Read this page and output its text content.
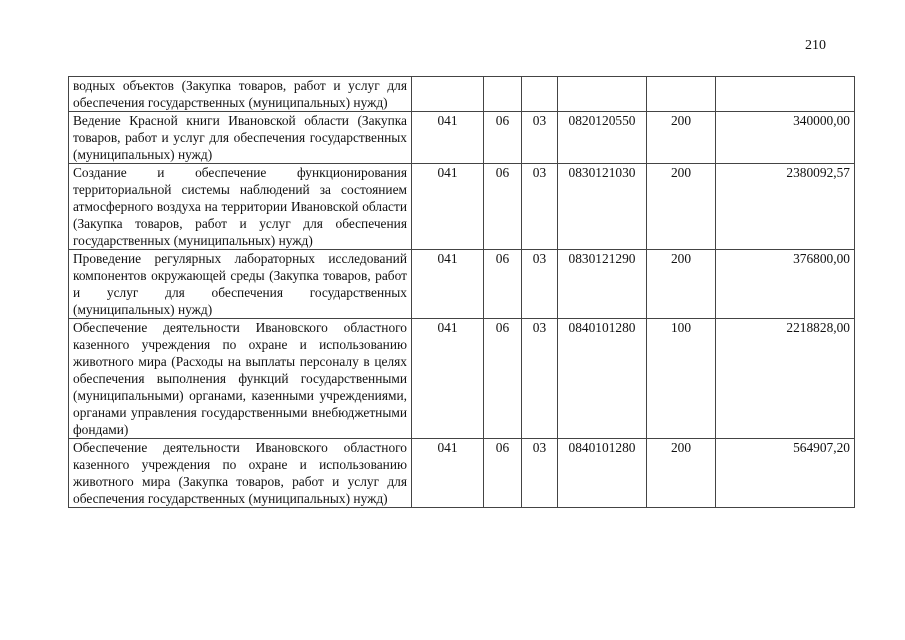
210
водных объектов (Закупка товаров, работ и услуг для обеспечения государственных (муниципальных) нужд)						
Ведение Красной книги Ивановской области (Закупка товаров, работ и услуг для обеспечения государственных (муниципальных) нужд)	041	06	03	0820120550	200	340000,00
Создание и обеспечение функционирования территориальной системы наблюдений за состоянием атмосферного воздуха на территории Ивановской области (Закупка товаров, работ и услуг для обеспечения государственных (муниципальных) нужд)	041	06	03	0830121030	200	2380092,57
Проведение регулярных лабораторных исследований компонентов окружающей среды (Закупка товаров, работ и услуг для обеспечения государственных (муниципальных) нужд)	041	06	03	0830121290	200	376800,00
Обеспечение деятельности Ивановского областного казенного учреждения по охране и использованию животного мира (Расходы на выплаты персоналу в целях обеспечения выполнения функций государственными (муниципальными) органами, казенными учреждениями, органами управления государственными внебюджетными фондами)	041	06	03	0840101280	100	2218828,00
Обеспечение деятельности Ивановского областного казенного учреждения по охране и использованию животного мира (Закупка товаров, работ и услуг для обеспечения государственных (муниципальных) нужд)	041	06	03	0840101280	200	564907,20
